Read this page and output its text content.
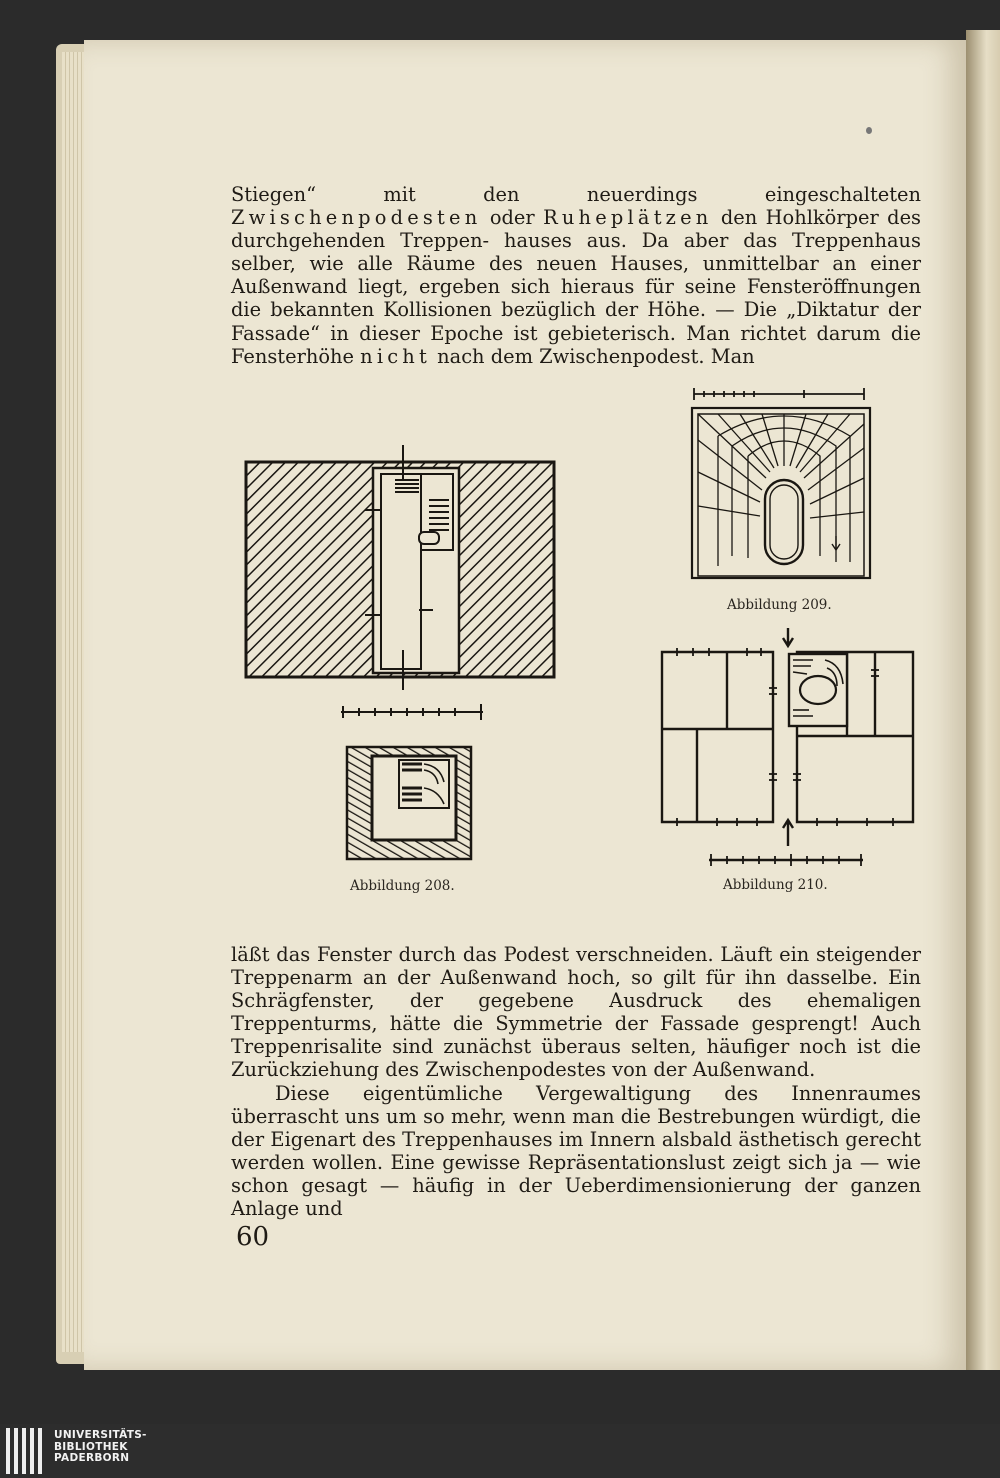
Stiegen“ mit den neuerdings eingeschalteten Zwischenpodesten oder Ruheplätzen den Hohlkörper des durchgehenden Treppen- hauses aus. Da aber das Treppenhaus selber, wie alle Räume des neuen Hauses, unmittelbar an einer Außenwand liegt, ergeben sich hieraus für seine Fensteröffnungen die bekannten Kollisionen bezüglich der Höhe. — Die „Diktatur der Fassade“ in dieser Epoche ist gebieterisch. Man richtet darum die Fensterhöhe nicht nach dem Zwischenpodest. Man

Abbildung 208.
Abbildung 209.
Abbildung 210.

läßt das Fenster durch das Podest verschneiden. Läuft ein steigender Treppenarm an der Außenwand hoch, so gilt für ihn dasselbe. Ein Schrägfenster, der gegebene Ausdruck des ehemaligen Treppenturms, hätte die Symmetrie der Fassade gesprengt! Auch Treppenrisalite sind zunächst überaus selten, häufiger noch ist die Zurückziehung des Zwischenpodestes von der Außenwand.

Diese eigentümliche Vergewaltigung des Innenraumes überrascht uns um so mehr, wenn man die Bestrebungen würdigt, die der Eigenart des Treppenhauses im Innern alsbald ästhetisch gerecht werden wollen. Eine gewisse Repräsentationslust zeigt sich ja — wie schon gesagt — häufig in der Ueberdimensionierung der ganzen Anlage und

60
UNIVERSITÄTS-
BIBLIOTHEK
PADERBORN
